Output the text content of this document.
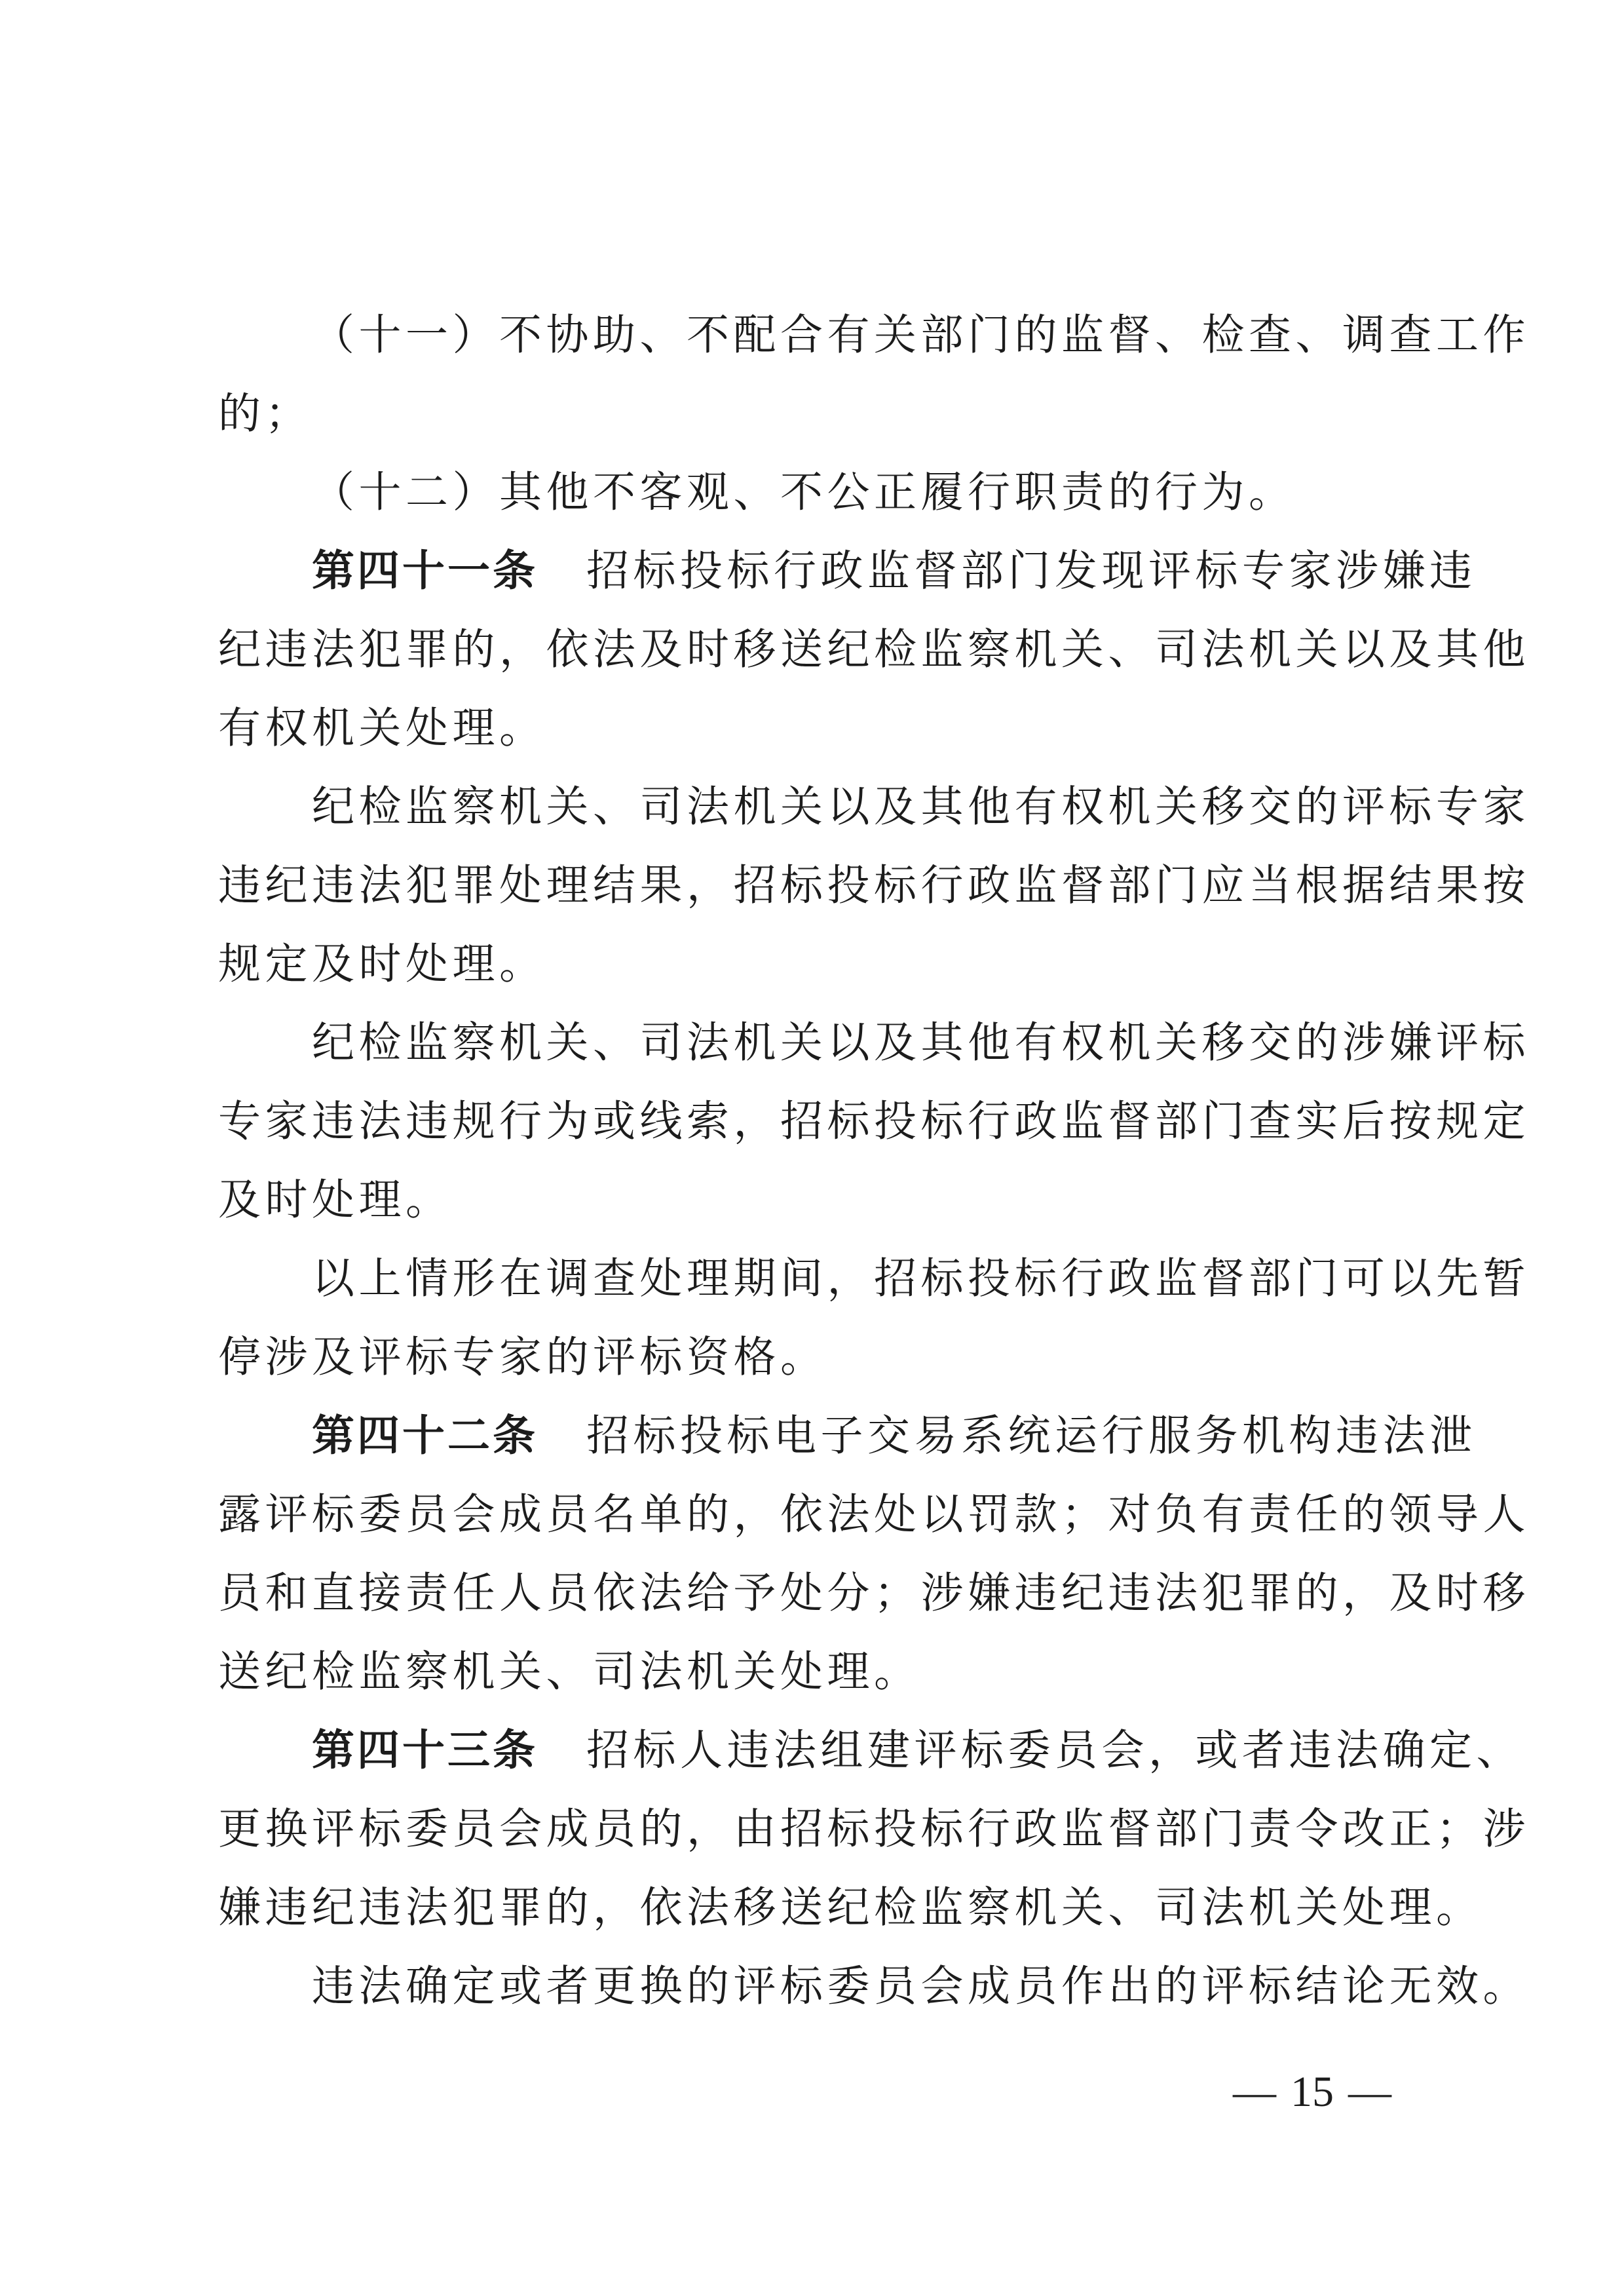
（十一）不协助、不配合有关部门的监督、检查、调查工作
的；
（十二）其他不客观、不公正履行职责的行为。
第四十一条 招标投标行政监督部门发现评标专家涉嫌违
纪违法犯罪的，依法及时移送纪检监察机关、司法机关以及其他
有权机关处理。
纪检监察机关、司法机关以及其他有权机关移交的评标专家
违纪违法犯罪处理结果，招标投标行政监督部门应当根据结果按
规定及时处理。
纪检监察机关、司法机关以及其他有权机关移交的涉嫌评标
专家违法违规行为或线索，招标投标行政监督部门查实后按规定
及时处理。
以上情形在调查处理期间，招标投标行政监督部门可以先暂
停涉及评标专家的评标资格。
第四十二条 招标投标电子交易系统运行服务机构违法泄
露评标委员会成员名单的，依法处以罚款；对负有责任的领导人
员和直接责任人员依法给予处分；涉嫌违纪违法犯罪的，及时移
送纪检监察机关、司法机关处理。
第四十三条 招标人违法组建评标委员会，或者违法确定、
更换评标委员会成员的，由招标投标行政监督部门责令改正；涉
嫌违纪违法犯罪的，依法移送纪检监察机关、司法机关处理。
违法确定或者更换的评标委员会成员作出的评标结论无效。
— 15 —
